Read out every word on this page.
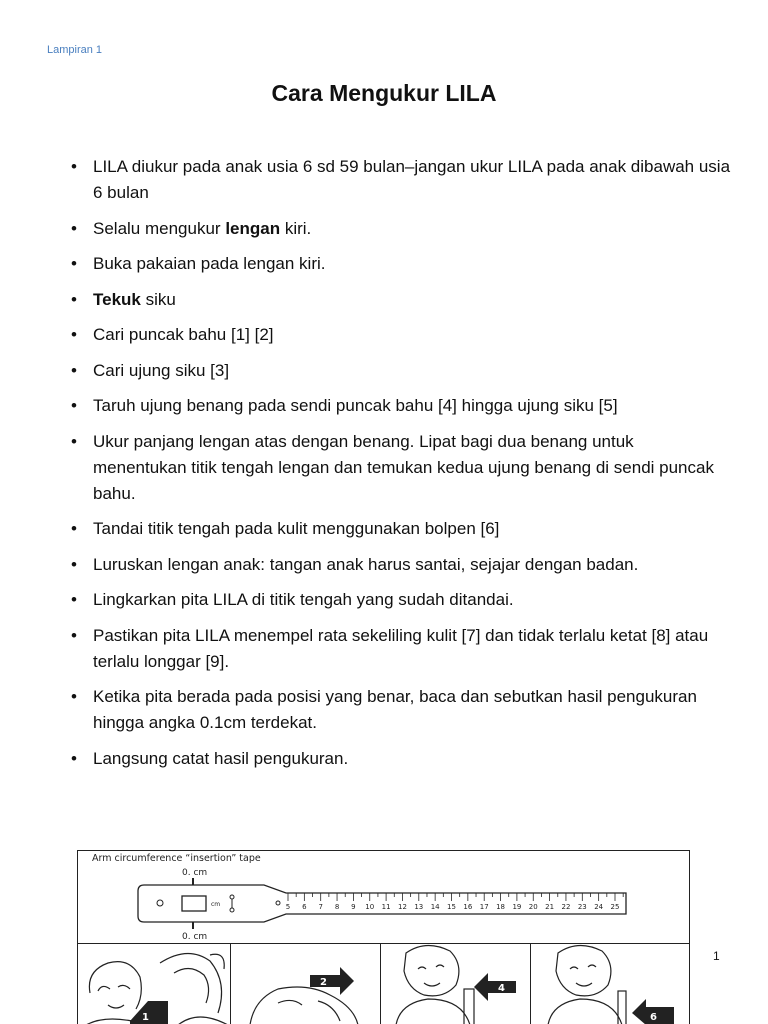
Lampiran 1
Cara Mengukur LILA
• LILA diukur pada anak usia 6 sd 59 bulan–jangan ukur LILA pada anak dibawah usia 6 bulan
• Selalu mengukur lengan kiri.
• Buka pakaian pada lengan kiri.
• Tekuk siku
• Cari puncak bahu [1] [2]
• Cari ujung siku [3]
• Taruh ujung benang pada sendi puncak bahu [4] hingga ujung siku [5]
• Ukur panjang lengan atas dengan benang. Lipat bagi dua benang untuk menentukan titik tengah lengan dan temukan kedua ujung benang di sendi puncak bahu.
• Tandai titik tengah pada kulit menggunakan bolpen [6]
• Luruskan lengan anak: tangan anak harus santai, sejajar dengan badan.
• Lingkarkan pita LILA di titik tengah yang sudah ditandai.
• Pastikan pita LILA menempel rata sekeliling kulit [7] dan tidak terlalu ketat [8] atau terlalu longgar [9].
• Ketika pita berada pada posisi yang benar, baca dan sebutkan hasil pengukuran hingga angka 0.1cm terdekat.
• Langsung catat hasil pengukuran.
Arm circumference “insertion” tape
0. cm
0. cm
cm	5 6 7 8 9 10 11 12 13 14 15 16 17 18 19 20 21 22 23 24 25
1
2
4
6
1
